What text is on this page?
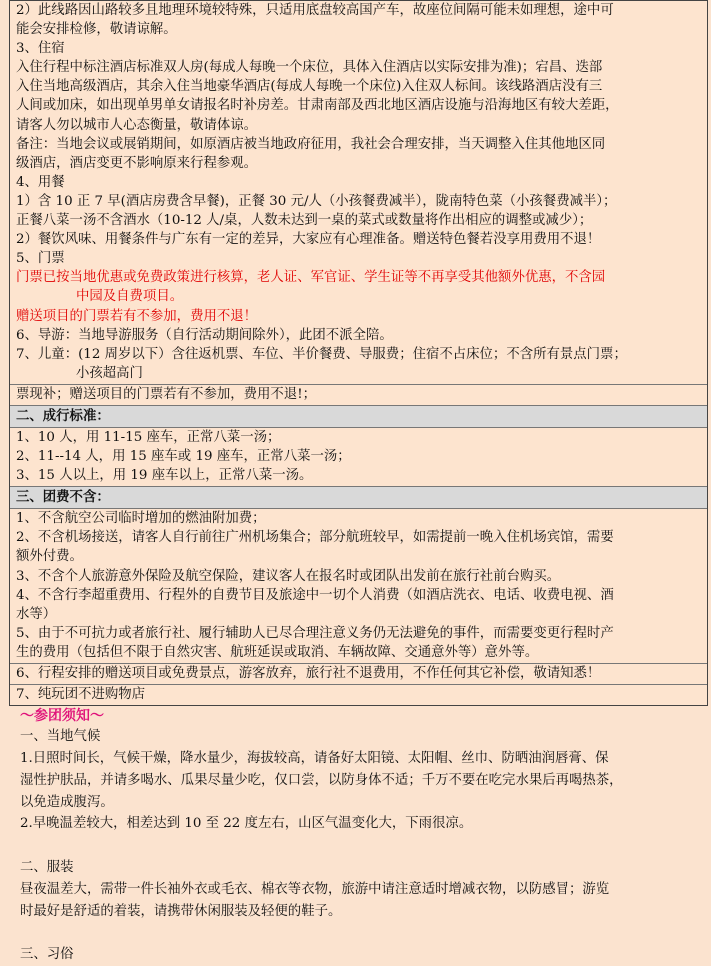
2）此线路因山路较多且地理环境较特殊，只适用底盘较高国产车，故座位间隔可能未如理想，途中可
能会安排检修，敬请谅解。
3、住宿
入住行程中标注酒店标准双人房(每成人每晚一个床位，具体入住酒店以实际安排为准)；宕昌、迭部
入住当地高级酒店，其余入住当地豪华酒店(每成人每晚一个床位)入住双人标间。该线路酒店没有三
人间或加床，如出现单男单女请报名时补房差。甘肃南部及西北地区酒店设施与沿海地区有较大差距，
请客人勿以城市人心态衡量，敬请体谅。
备注：当地会议或展销期间，如原酒店被当地政府征用，我社会合理安排，当天调整入住其他地区同
级酒店，酒店变更不影响原来行程参观。
4、用餐
1）含 10 正 7 早(酒店房费含早餐)，正餐 30 元/人（小孩餐费减半），陇南特色菜（小孩餐费减半）；
正餐八菜一汤不含酒水（10-12 人/桌，人数未达到一桌的菜式或数量将作出相应的调整或减少）；
2）餐饮风味、用餐条件与广东有一定的差异，大家应有心理准备。赠送特色餐若没享用费用不退！
5、门票
门票已按当地优惠或免费政策进行核算，老人证、军官证、学生证等不再享受其他额外优惠，不含园
中园及自费项目。
赠送项目的门票若有不参加，费用不退！
6、导游：当地导游服务（自行活动期间除外），此团不派全陪。
7、儿童：(12 周岁以下）含往返机票、车位、半价餐费、导服费；住宿不占床位；不含所有景点门票；
小孩超高门
票现补；赠送项目的门票若有不参加，费用不退!；
二、成行标准：
1、10 人，用 11-15 座车，正常八菜一汤；
2、11--14 人，用 15 座车或 19 座车，正常八菜一汤；
3、15 人以上，用 19 座车以上，正常八菜一汤。
三、团费不含：
1、不含航空公司临时增加的燃油附加费；
2、不含机场接送，请客人自行前往广州机场集合；部分航班较早，如需提前一晚入住机场宾馆，需要
额外付费。
3、不含个人旅游意外保险及航空保险，建议客人在报名时或团队出发前在旅行社前台购买。
4、不含行李超重费用、行程外的自费节目及旅途中一切个人消费（如酒店洗衣、电话、收费电视、酒
水等）
5、由于不可抗力或者旅行社、履行辅助人已尽合理注意义务仍无法避免的事件，而需要变更行程时产
生的费用（包括但不限于自然灾害、航班延误或取消、车辆故障、交通意外等）意外等。
6、行程安排的赠送项目或免费景点，游客放弃，旅行社不退费用，不作任何其它补偿，敬请知悉！
7、纯玩团不进购物店
～参团须知～
一、当地气候
1.日照时间长，气候干燥，降水量少，海拔较高，请备好太阳镜、太阳帽、丝巾、防晒油润唇膏、保
湿性护肤品，并请多喝水、瓜果尽量少吃，仅口尝，以防身体不适；千万不要在吃完水果后再喝热茶，
以免造成腹泻。
2.早晚温差较大，相差达到 10 至 22 度左右，山区气温变化大，下雨很凉。
二、服装
昼夜温差大，需带一件长袖外衣或毛衣、棉衣等衣物，旅游中请注意适时增减衣物，以防感冒；游览
时最好是舒适的着装，请携带休闲服装及轻便的鞋子。
三、习俗
